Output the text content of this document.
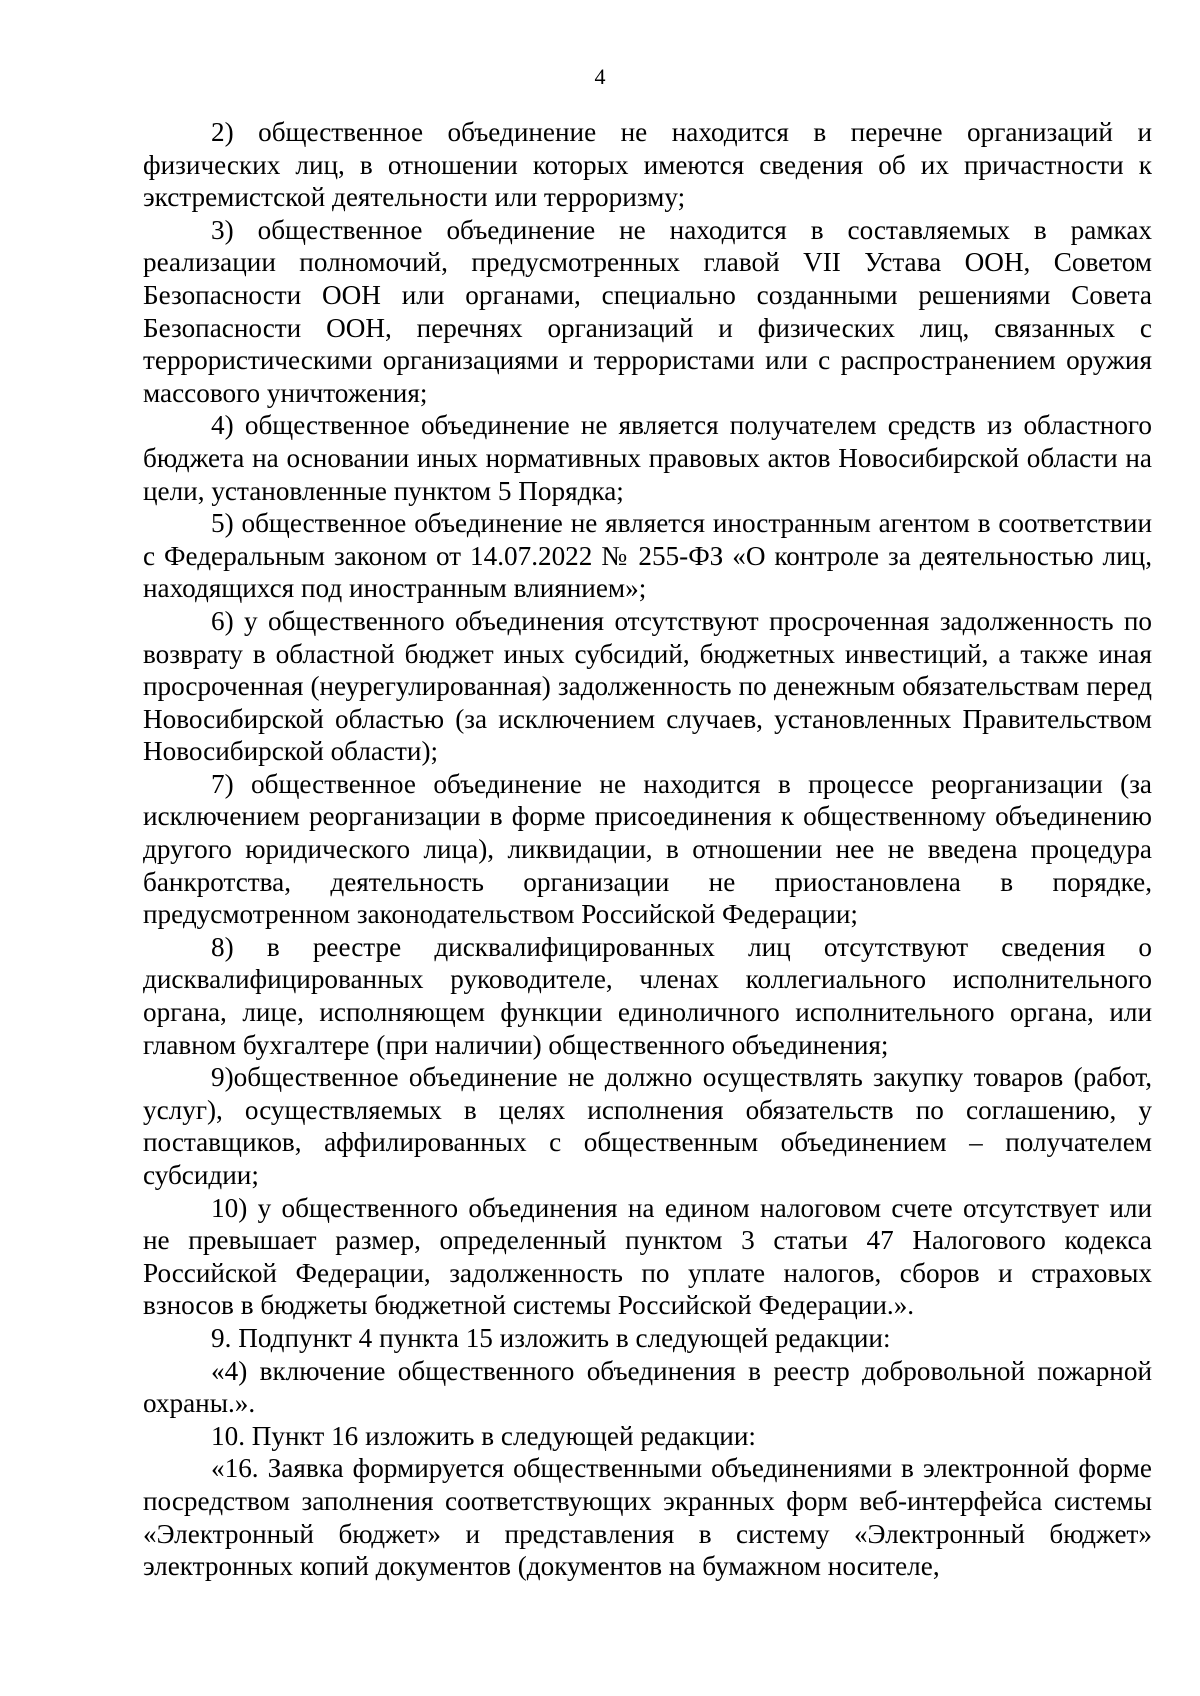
4

2) общественное объединение не находится в перечне организаций и физических лиц, в отношении которых имеются сведения об их причастности к экстремистской деятельности или терроризму;

3) общественное объединение не находится в составляемых в рамках реализации полномочий, предусмотренных главой VII Устава ООН, Советом Безопасности ООН или органами, специально созданными решениями Совета Безопасности ООН, перечнях организаций и физических лиц, связанных с террористическими организациями и террористами или с распространением оружия массового уничтожения;

4) общественное объединение не является получателем средств из областного бюджета на основании иных нормативных правовых актов Новосибирской области на цели, установленные пунктом 5 Порядка;

5) общественное объединение не является иностранным агентом в соответствии с Федеральным законом от 14.07.2022 № 255-ФЗ «О контроле за деятельностью лиц, находящихся под иностранным влиянием»;

6) у общественного объединения отсутствуют просроченная задолженность по возврату в областной бюджет иных субсидий, бюджетных инвестиций, а также иная просроченная (неурегулированная) задолженность по денежным обязательствам перед Новосибирской областью (за исключением случаев, установленных Правительством Новосибирской области);

7) общественное объединение не находится в процессе реорганизации (за исключением реорганизации в форме присоединения к общественному объединению другого юридического лица), ликвидации, в отношении нее не введена процедура банкротства, деятельность организации не приостановлена в порядке, предусмотренном законодательством Российской Федерации;

8) в реестре дисквалифицированных лиц отсутствуют сведения о дисквалифицированных руководителе, членах коллегиального исполнительного органа, лице, исполняющем функции единоличного исполнительного органа, или главном бухгалтере (при наличии) общественного объединения;

9)общественное объединение не должно осуществлять закупку товаров (работ, услуг), осуществляемых в целях исполнения обязательств по соглашению, у поставщиков, аффилированных с общественным объединением – получателем субсидии;

10) у общественного объединения на едином налоговом счете отсутствует или не превышает размер, определенный пунктом 3 статьи 47 Налогового кодекса Российской Федерации, задолженность по уплате налогов, сборов и страховых взносов в бюджеты бюджетной системы Российской Федерации.».

9. Подпункт 4 пункта 15 изложить в следующей редакции:

«4) включение общественного объединения в реестр добровольной пожарной охраны.».

10. Пункт 16 изложить в следующей редакции:

«16. Заявка формируется общественными объединениями в электронной форме посредством заполнения соответствующих экранных форм веб-интерфейса системы «Электронный бюджет» и представления в систему «Электронный бюджет» электронных копий документов (документов на бумажном носителе,
